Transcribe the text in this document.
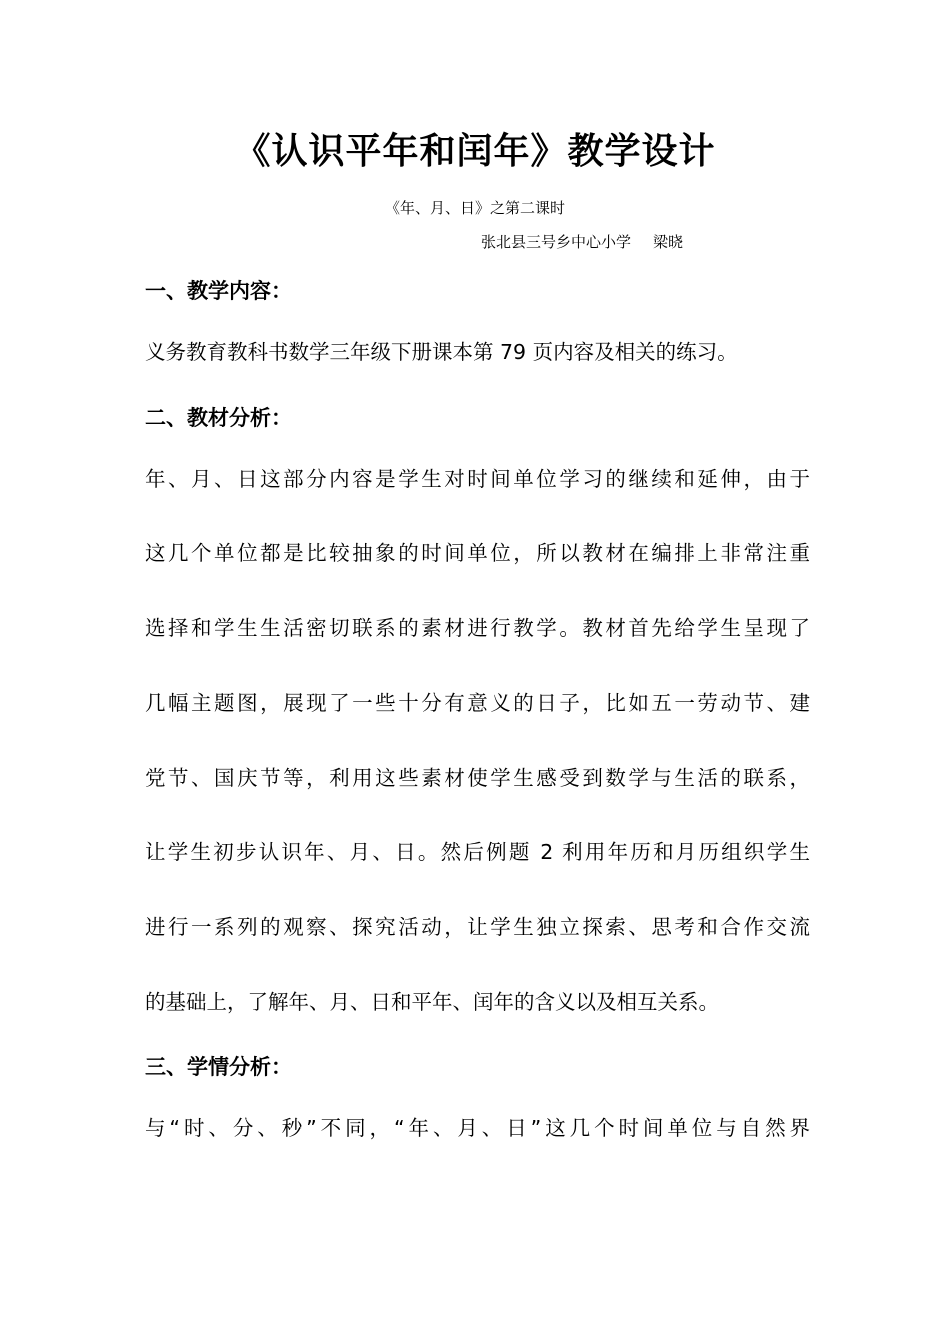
《认识平年和闰年》教学设计
《年、月、日》之第二课时
张北县三号乡中心小学 梁晓
一、教学内容：
义务教育教科书数学三年级下册课本第 79 页内容及相关的练习。
二、教材分析：
年、月、日这部分内容是学生对时间单位学习的继续和延伸，由于
这几个单位都是比较抽象的时间单位，所以教材在编排上非常注重
选择和学生生活密切联系的素材进行教学。教材首先给学生呈现了
几幅主题图，展现了一些十分有意义的日子，比如五一劳动节、建
党节、国庆节等，利用这些素材使学生感受到数学与生活的联系，
让学生初步认识年、月、日。然后例题 2 利用年历和月历组织学生
进行一系列的观察、探究活动，让学生独立探索、思考和合作交流
的基础上，了解年、月、日和平年、闰年的含义以及相互关系。
三、学情分析：
与“时、分、秒”不同，“年、月、日”这几个时间单位与自然界
